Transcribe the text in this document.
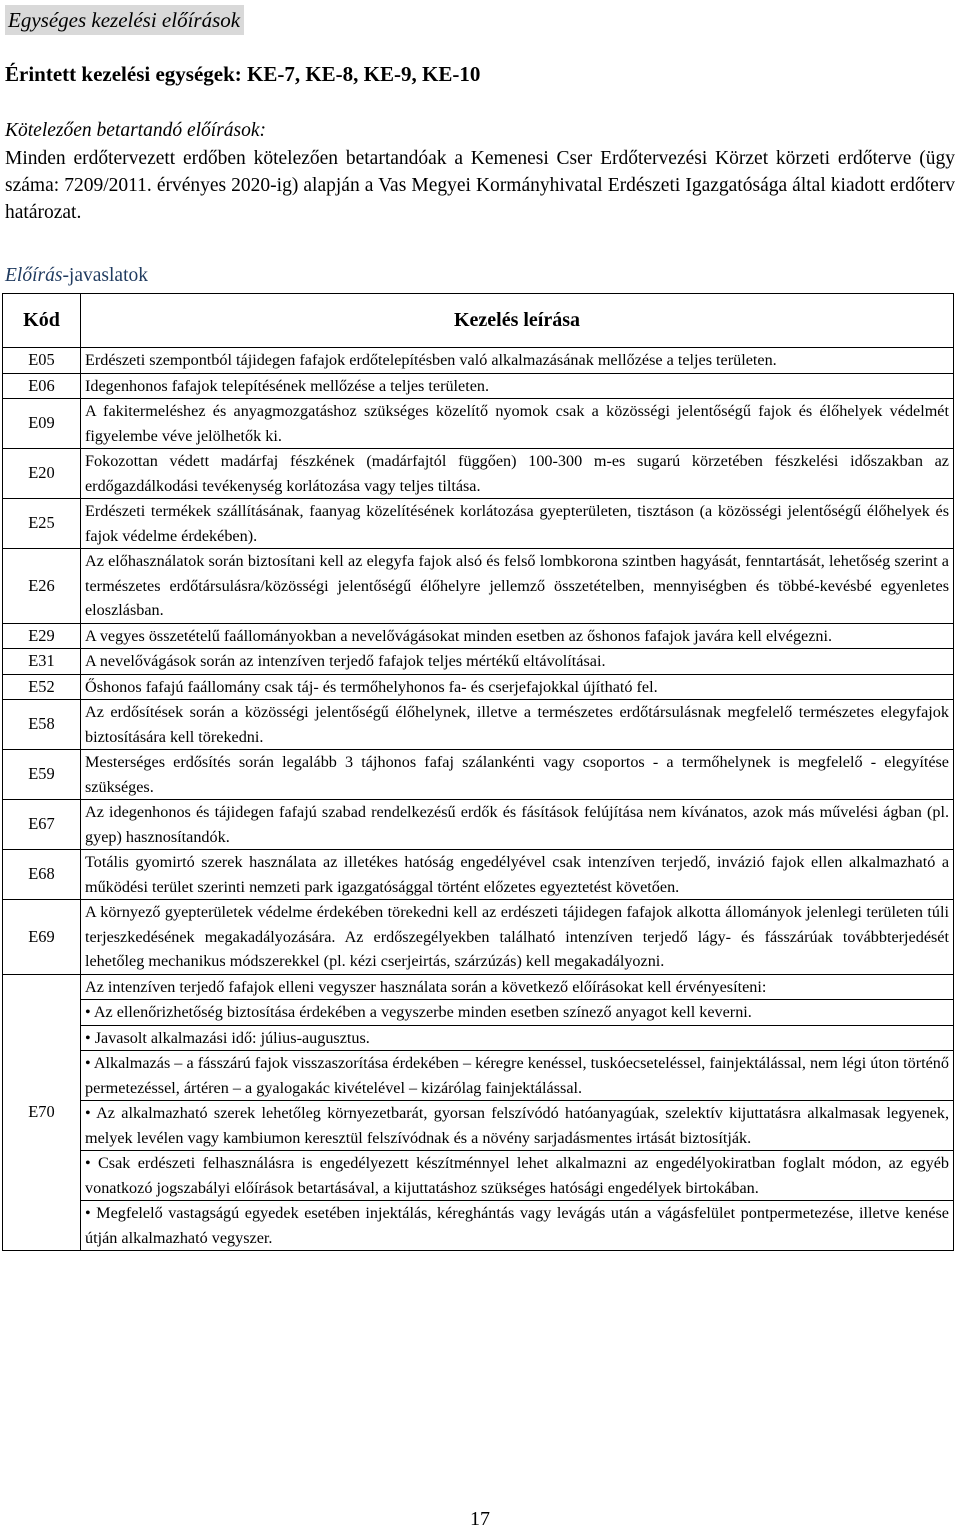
Egységes kezelési előírások
Érintett kezelési egységek: KE-7, KE-8, KE-9, KE-10
Kötelezően betartandó előírások:
Minden erdőtervezett erdőben kötelezően betartandóak a Kemenesi Cser Erdőtervezési Körzet körzeti erdőterve (ügy száma: 7209/2011. érvényes 2020-ig) alapján a Vas Megyei Kormányhivatal Erdészeti Igazgatósága által kiadott erdőterv határozat.
Előírás-javaslatok
Kód	Kezelés leírása
E05	Erdészeti szempontból tájidegen fafajok erdőtelepítésben való alkalmazásának mellőzése a teljes területen.
E06	Idegenhonos fafajok telepítésének mellőzése a teljes területen.
E09	A fakitermeléshez és anyagmozgatáshoz szükséges közelítő nyomok csak a közösségi jelentőségű fajok és élőhelyek védelmét figyelembe véve jelölhetők ki.
E20	Fokozottan védett madárfaj fészkének (madárfajtól függően) 100-300 m-es sugarú körzetében fészkelési időszakban az erdőgazdálkodási tevékenység korlátozása vagy teljes tiltása.
E25	Erdészeti termékek szállításának, faanyag közelítésének korlátozása gyepterületen, tisztáson (a közösségi jelentőségű élőhelyek és fajok védelme érdekében).
E26	Az előhasználatok során biztosítani kell az elegyfa fajok alsó és felső lombkorona szintben hagyását, fenntartását, lehetőség szerint a természetes erdőtársulásra/közösségi jelentőségű élőhelyre jellemző összetételben, mennyiségben és többé-kevésbé egyenletes eloszlásban.
E29	A vegyes összetételű faállományokban a nevelővágásokat minden esetben az őshonos fafajok javára kell elvégezni.
E31	A nevelővágások során az intenzíven terjedő fafajok teljes mértékű eltávolításai.
E52	Őshonos fafajú faállomány csak táj- és termőhelyhonos fa- és cserjefajokkal újítható fel.
E58	Az erdősítések során a közösségi jelentőségű élőhelynek, illetve a természetes erdőtársulásnak megfelelő természetes elegyfajok biztosítására kell törekedni.
E59	Mesterséges erdősítés során legalább 3 tájhonos fafaj szálankénti vagy csoportos - a termőhelynek is megfelelő - elegyítése szükséges.
E67	Az idegenhonos és tájidegen fafajú szabad rendelkezésű erdők és fásítások felújítása nem kívánatos, azok más művelési ágban (pl. gyep) hasznosítandók.
E68	Totális gyomirtó szerek használata az illetékes hatóság engedélyével csak intenzíven terjedő, invázió fajok ellen alkalmazható a működési terület szerinti nemzeti park igazgatósággal történt előzetes egyeztetést követően.
E69	A környező gyepterületek védelme érdekében törekedni kell az erdészeti tájidegen fafajok alkotta állományok jelenlegi területen túli terjeszkedésének megakadályozására. Az erdőszegélyekben található intenzíven terjedő lágy- és fásszárúak továbbterjedését lehetőleg mechanikus módszerekkel (pl. kézi cserjeirtás, szárzúzás) kell megakadályozni.
E70	Az intenzíven terjedő fafajok elleni vegyszer használata során a következő előírásokat kell érvényesíteni:
	• Az ellenőrizhetőség biztosítása érdekében a vegyszerbe minden esetben színező anyagot kell keverni.
	• Javasolt alkalmazási idő: július-augusztus.
	• Alkalmazás – a fásszárú fajok visszaszorítása érdekében – kéregre kenéssel, tuskóecseteléssel, fainjektálással, nem légi úton történő permetezéssel, ártéren – a gyalogakác kivételével – kizárólag fainjektálással.
	• Az alkalmazható szerek lehetőleg környezetbarát, gyorsan felszívódó hatóanyagúak, szelektív kijuttatásra alkalmasak legyenek, melyek levélen vagy kambiumon keresztül felszívódnak és a növény sarjadásmentes irtását biztosítják.
	• Csak erdészeti felhasználásra is engedélyezett készítménnyel lehet alkalmazni az engedélyokiratban foglalt módon, az egyéb vonatkozó jogszabályi előírások betartásával, a kijuttatáshoz szükséges hatósági engedélyek birtokában.
	• Megfelelő vastagságú egyedek esetében injektálás, kéreghántás vagy levágás után a vágásfelület pontpermetezése, illetve kenése útján alkalmazható vegyszer.
17
